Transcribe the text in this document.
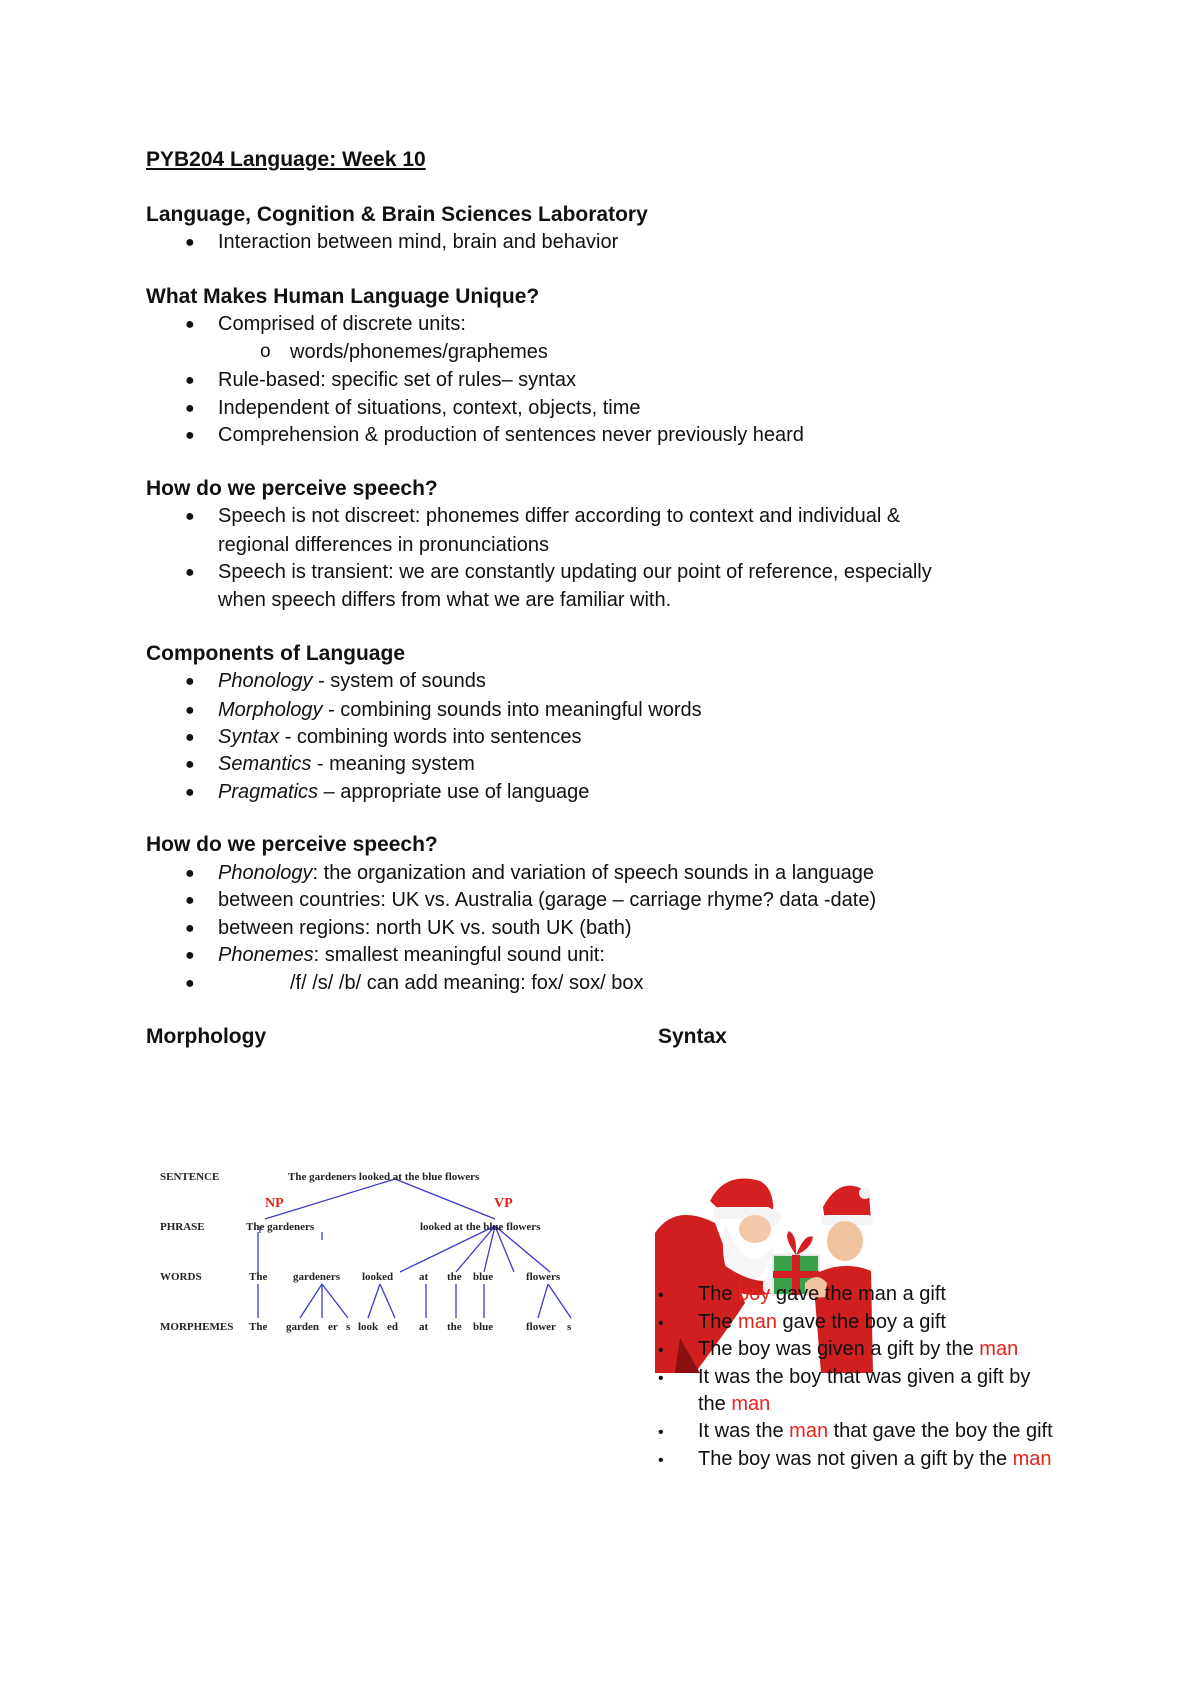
PYB204 Language: Week 10
Language, Cognition & Brain Sciences Laboratory
● Interaction between mind, brain and behavior
What Makes Human Language Unique?
● Comprised of discrete units:
o words/phonemes/graphemes
● Rule-based: specific set of rules– syntax
● Independent of situations, context, objects, time
● Comprehension & production of sentences never previously heard
How do we perceive speech?
● Speech is not discreet: phonemes differ according to context and individual &
regional differences in pronunciations
● Speech is transient: we are constantly updating our point of reference, especially
when speech differs from what we are familiar with.
Components of Language
● Phonology - system of sounds
● Morphology - combining sounds into meaningful words
● Syntax - combining words into sentences
● Semantics - meaning system
● Pragmatics – appropriate use of language
How do we perceive speech?
● Phonology: the organization and variation of speech sounds in a language
● between countries: UK vs. Australia (garage – carriage rhyme? data -date)
● between regions: north UK vs. south UK (bath)
● Phonemes: smallest meaningful sound unit:
●	/f/ /s/ /b/ can add meaning: fox/ sox/ box
Morphology	Syntax
SENTENCE
PHRASE
WORDS
MORPHEMES
The gardeners looked at the blue flowers
The gardeners	looked at the blue flowers
The gardeners looked at the blue	flowers
The garden er s look ed at the blue	flower s
NP	VP
• The boy gave the man a gift
• The man gave the boy a gift
• The boy was given a gift by the man
• It was the boy that was given a gift by
the man
• It was the man that gave the boy the gift
• The boy was not given a gift by the man
